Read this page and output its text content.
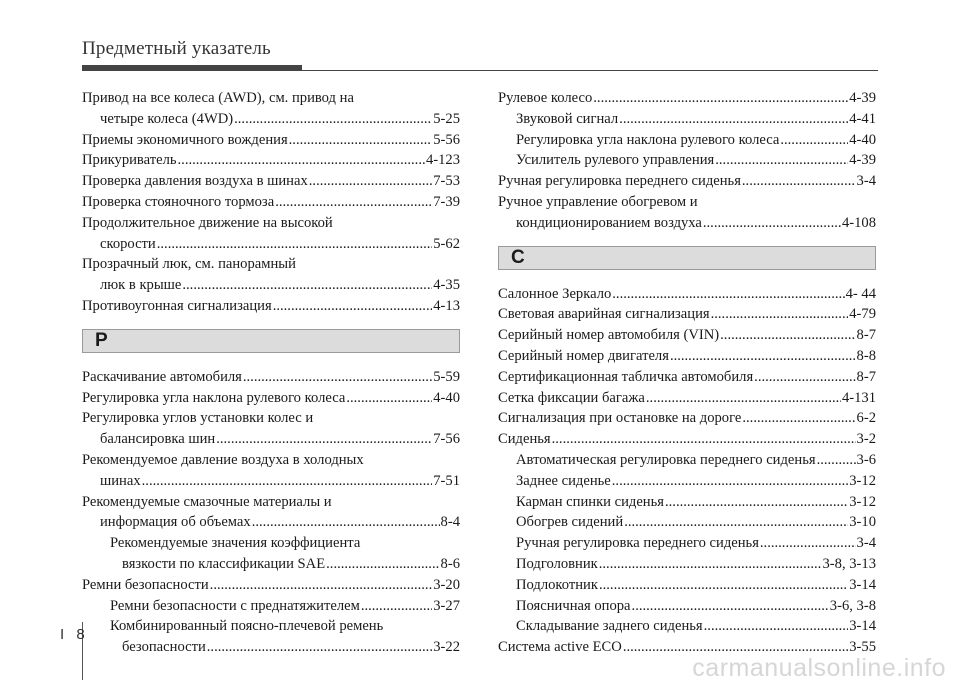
Предметный указатель
Привод на все колеса (AWD), см. привод на
четыре колеса (4WD) .....	5-25
Приемы экономичного вождения .....	5-56
Прикуриватель .....	4-123
Проверка давления воздуха в шинах .....	7-53
Проверка стояночного тормоза .....	7-39
Продолжительное движение на высокой
скорости .....	5-62
Прозрачный люк, см. панорамный
люк в крыше .....	4-35
Противоугонная сигнализация .....	4-13
Р
Раскачивание автомобиля .....	5-59
Регулировка угла наклона рулевого колеса .....	4-40
Регулировка углов установки колес и
балансировка шин .....	7-56
Рекомендуемое давление воздуха в холодных
шинах .....	7-51
Рекомендуемые смазочные материалы и
информация об объемах .....	8-4
Рекомендуемые значения коэффициента
вязкости по классификации SAE .....	8-6
Ремни безопасности .....	3-20
Ремни безопасности с преднатяжителем .....	3-27
Комбинированный поясно-плечевой ремень
безопасности .....	3-22
Рулевое колесо .....	4-39
Звуковой сигнал .....	4-41
Регулировка угла наклона рулевого колеса .....	4-40
Усилитель рулевого управления .....	4-39
Ручная регулировка переднего сиденья .....	3-4
Ручное управление обогревом и
кондиционированием воздуха .....	4-108
С
Салонное Зеркало .....	4- 44
Световая аварийная сигнализация .....	4-79
Серийный номер автомобиля (VIN) .....	8-7
Серийный номер двигателя .....	8-8
Сертификационная табличка автомобиля .....	8-7
Сетка фиксации багажа .....	4-131
Сигнализация при остановке на дороге .....	6-2
Сиденья .....	3-2
Автоматическая регулировка переднего сиденья .....	3-6
Заднее сиденье .....	3-12
Карман спинки сиденья .....	3-12
Обогрев сидений .....	3-10
Ручная регулировка переднего сиденья .....	3-4
Подголовник .....	3-8, 3-13
Подлокотник .....	3-14
Поясничная опора .....	3-6, 3-8
Складывание заднего сиденья .....	3-14
Система active ECO .....	3-55
I 8
carmanualsonline.info
